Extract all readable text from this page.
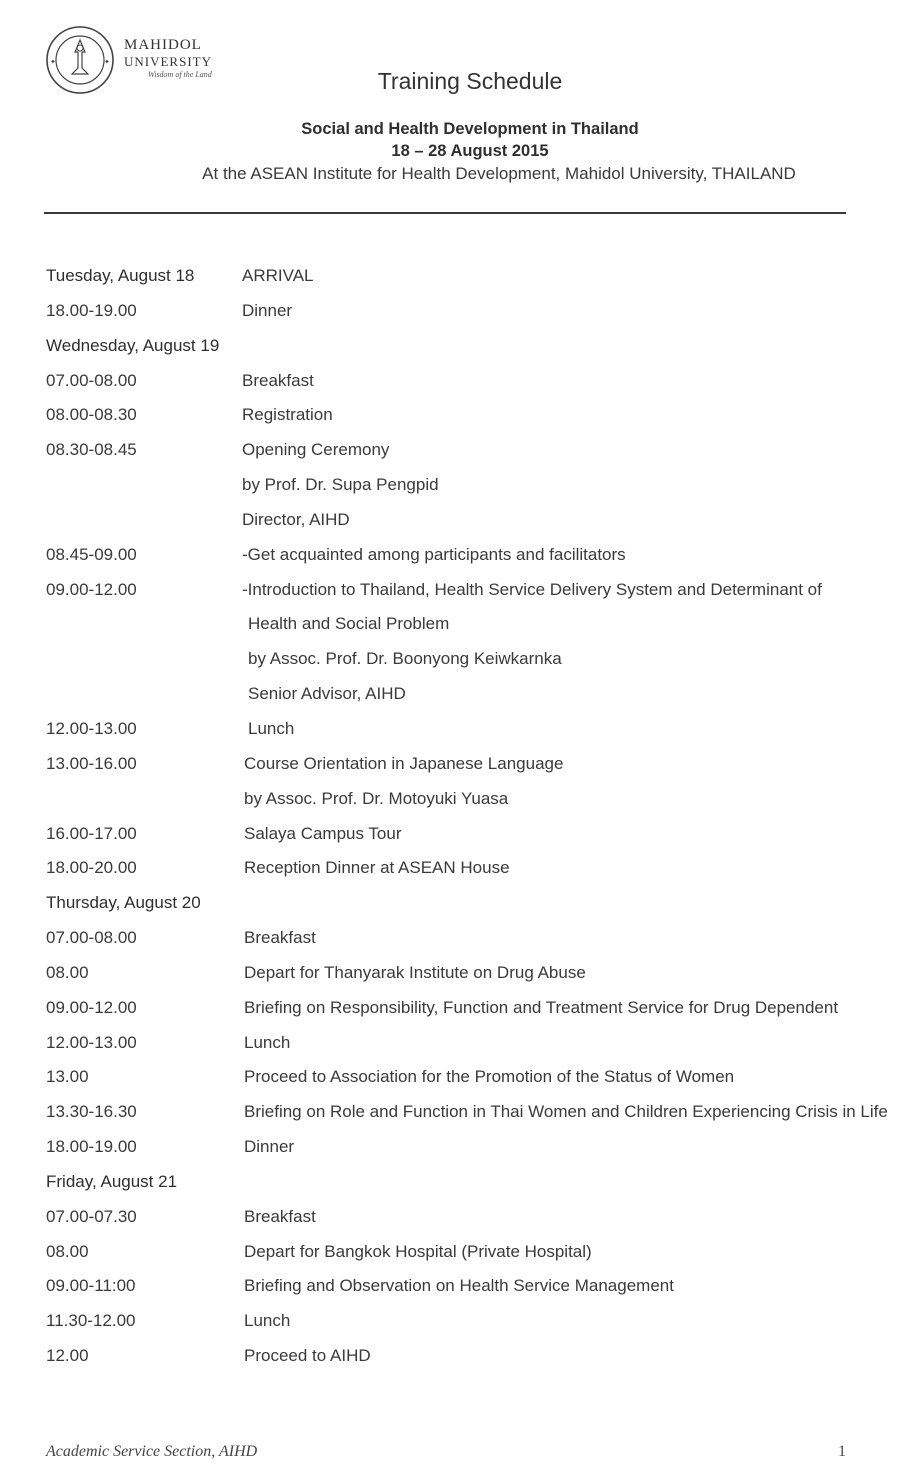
✦	✦
MAHIDOL
UNIVERSITY
Wisdom of the Land	Training Schedule
Social and Health Development in Thailand
18 – 28 August 2015
At the ASEAN Institute for Health Development, Mahidol University, THAILAND
Tuesday, August 18	ARRIVAL
18.00-19.00	Dinner
Wednesday, August 19
07.00-08.00	Breakfast
08.00-08.30	Registration
08.30-08.45	Opening Ceremony
by Prof. Dr. Supa Pengpid
Director, AIHD
08.45-09.00	-Get acquainted among participants and facilitators
09.00-12.00	-Introduction to Thailand, Health Service Delivery System and Determinant of
Health and Social Problem
by Assoc. Prof. Dr. Boonyong Keiwkarnka
Senior Advisor, AIHD
12.00-13.00	Lunch
13.00-16.00	Course Orientation in Japanese Language
by Assoc. Prof. Dr. Motoyuki Yuasa
16.00-17.00	Salaya Campus Tour
18.00-20.00	Reception Dinner at ASEAN House
Thursday, August 20
07.00-08.00	Breakfast
08.00	Depart for Thanyarak Institute on Drug Abuse
09.00-12.00	Briefing on Responsibility, Function and Treatment Service for Drug Dependent
12.00-13.00	Lunch
13.00	Proceed to Association for the Promotion of the Status of Women
13.30-16.30	Briefing on Role and Function in Thai Women and Children Experiencing Crisis in Life
18.00-19.00	Dinner
Friday, August 21
07.00-07.30	Breakfast
08.00	Depart for Bangkok Hospital (Private Hospital)
09.00-11:00	Briefing and Observation on Health Service Management
11.30-12.00	Lunch
12.00	Proceed to AIHD
Academic Service Section, AIHD	1
